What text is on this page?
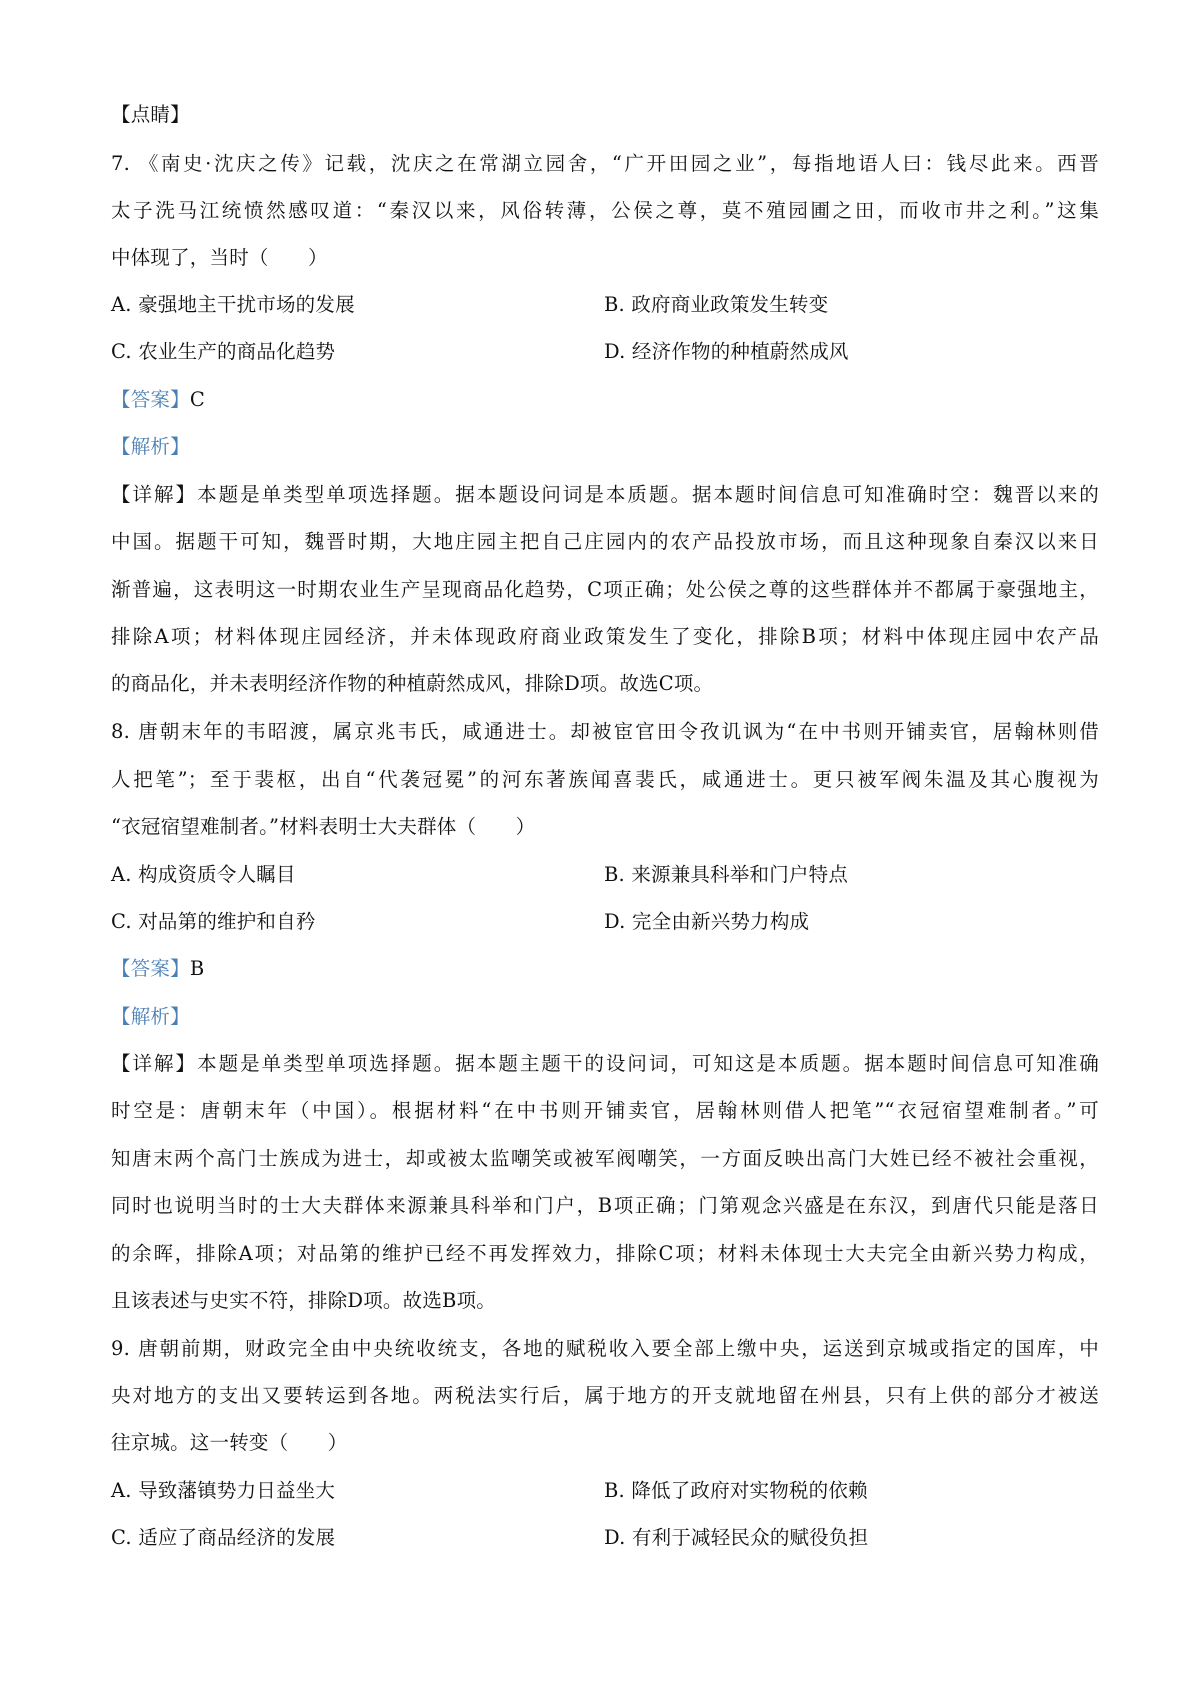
【点睛】
7. 《南史·沈庆之传》记载，沈庆之在常湖立园舍，“广开田园之业”，每指地语人曰：钱尽此来。西晋
太子洗马江统愤然感叹道：“秦汉以来，风俗转薄，公侯之尊，莫不殖园圃之田，而收市井之利。”这集
中体现了，当时（　　）
A. 豪强地主干扰市场的发展	B. 政府商业政策发生转变
C. 农业生产的商品化趋势	D. 经济作物的种植蔚然成风
【答案】C
【解析】
【详解】本题是单类型单项选择题。据本题设问词是本质题。据本题时间信息可知准确时空：魏晋以来的
中国。据题干可知，魏晋时期，大地庄园主把自己庄园内的农产品投放市场，而且这种现象自秦汉以来日
渐普遍，这表明这一时期农业生产呈现商品化趋势，C项正确；处公侯之尊的这些群体并不都属于豪强地主，
排除A项；材料体现庄园经济，并未体现政府商业政策发生了变化，排除B项；材料中体现庄园中农产品
的商品化，并未表明经济作物的种植蔚然成风，排除D项。故选C项。
8. 唐朝末年的韦昭渡，属京兆韦氏，咸通进士。却被宦官田令孜讥讽为“在中书则开铺卖官，居翰林则借
人把笔”；至于裴枢，出自“代袭冠冕”的河东著族闻喜裴氏，咸通进士。更只被军阀朱温及其心腹视为
“衣冠宿望难制者。”材料表明士大夫群体（　　）
A. 构成资质令人瞩目	B. 来源兼具科举和门户特点
C. 对品第的维护和自矜	D. 完全由新兴势力构成
【答案】B
【解析】
【详解】本题是单类型单项选择题。据本题主题干的设问词，可知这是本质题。据本题时间信息可知准确
时空是：唐朝末年（中国）。根据材料“在中书则开铺卖官，居翰林则借人把笔”“衣冠宿望难制者。”可
知唐末两个高门士族成为进士，却或被太监嘲笑或被军阀嘲笑，一方面反映出高门大姓已经不被社会重视，
同时也说明当时的士大夫群体来源兼具科举和门户，B项正确；门第观念兴盛是在东汉，到唐代只能是落日
的余晖，排除A项；对品第的维护已经不再发挥效力，排除C项；材料未体现士大夫完全由新兴势力构成，
且该表述与史实不符，排除D项。故选B项。
9. 唐朝前期，财政完全由中央统收统支，各地的赋税收入要全部上缴中央，运送到京城或指定的国库，中
央对地方的支出又要转运到各地。两税法实行后，属于地方的开支就地留在州县，只有上供的部分才被送
往京城。这一转变（　　）
A. 导致藩镇势力日益坐大	B. 降低了政府对实物税的依赖
C. 适应了商品经济的发展	D. 有利于减轻民众的赋役负担
